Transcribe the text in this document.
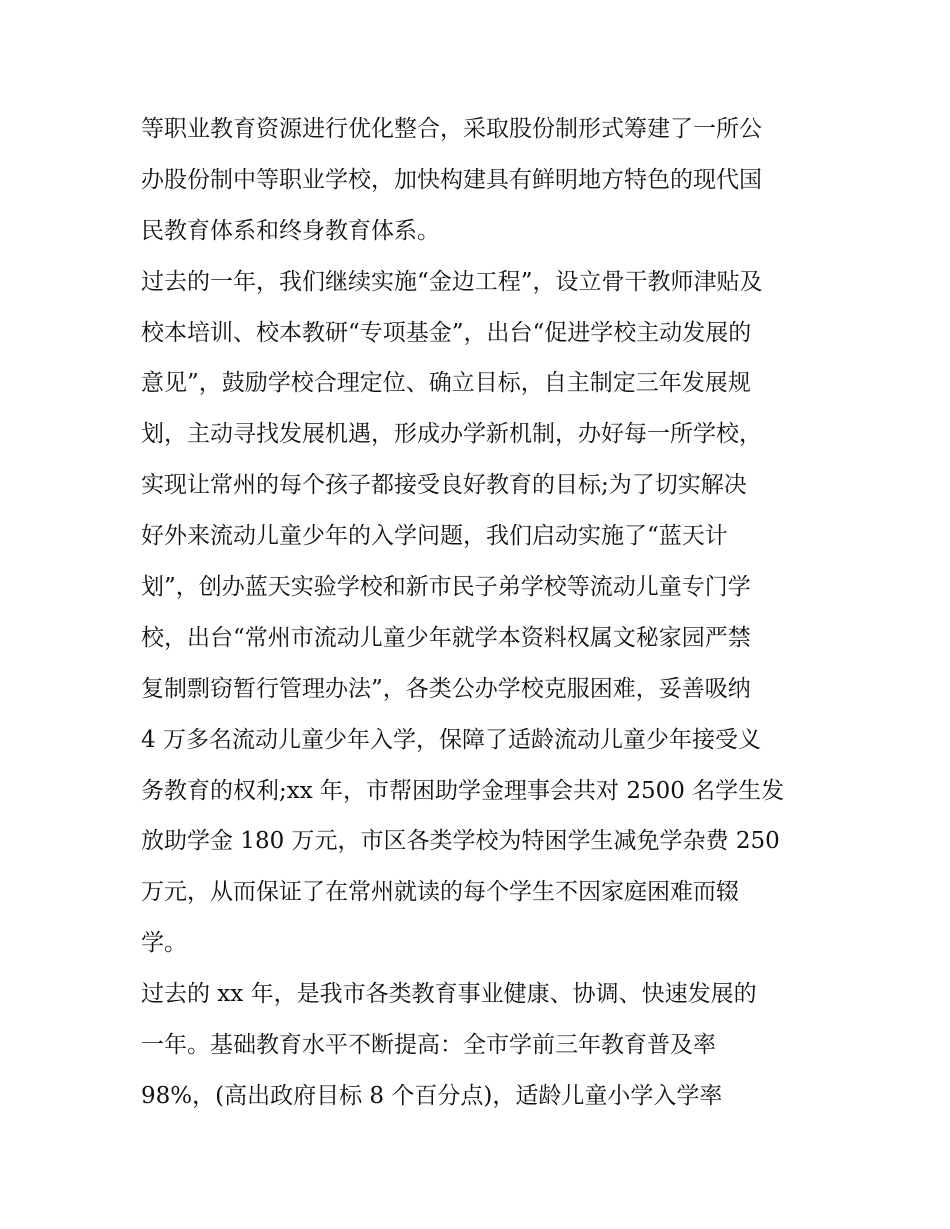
等职业教育资源进行优化整合，采取股份制形式筹建了一所公
办股份制中等职业学校，加快构建具有鲜明地方特色的现代国
民教育体系和终身教育体系。
过去的一年，我们继续实施“金边工程”，设立骨干教师津贴及
校本培训、校本教研“专项基金”，出台“促进学校主动发展的
意见”，鼓励学校合理定位、确立目标，自主制定三年发展规
划，主动寻找发展机遇，形成办学新机制，办好每一所学校，
实现让常州的每个孩子都接受良好教育的目标;为了切实解决
好外来流动儿童少年的入学问题，我们启动实施了“蓝天计
划”，创办蓝天实验学校和新市民子弟学校等流动儿童专门学
校，出台“常州市流动儿童少年就学本资料权属文秘家园严禁
复制剽窃暂行管理办法”，各类公办学校克服困难，妥善吸纳
4 万多名流动儿童少年入学，保障了适龄流动儿童少年接受义
务教育的权利;xx 年，市帮困助学金理事会共对 2500 名学生发
放助学金 180 万元，市区各类学校为特困学生减免学杂费 250
万元，从而保证了在常州就读的每个学生不因家庭困难而辍
学。
过去的 xx 年，是我市各类教育事业健康、协调、快速发展的
一年。基础教育水平不断提高：全市学前三年教育普及率
98%，(高出政府目标 8 个百分点)，适龄儿童小学入学率
